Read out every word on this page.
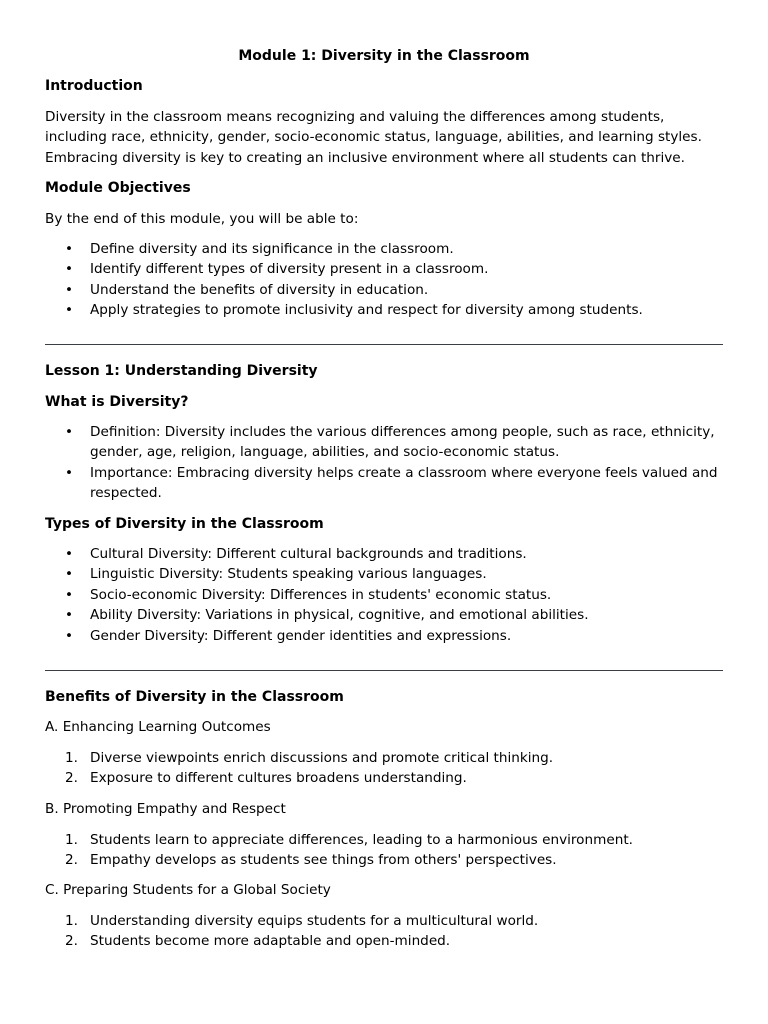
Module 1: Diversity in the Classroom
Introduction

Diversity in the classroom means recognizing and valuing the differences among students, including race, ethnicity, gender, socio-economic status, language, abilities, and learning styles. Embracing diversity is key to creating an inclusive environment where all students can thrive.

Module Objectives

By the end of this module, you will be able to:

• Define diversity and its significance in the classroom.
• Identify different types of diversity present in a classroom.
• Understand the benefits of diversity in education.
• Apply strategies to promote inclusivity and respect for diversity among students.
Lesson 1: Understanding Diversity
What is Diversity?
• Definition: Diversity includes the various differences among people, such as race, ethnicity, gender, age, religion, language, abilities, and socio-economic status.
• Importance: Embracing diversity helps create a classroom where everyone feels valued and respected.
Types of Diversity in the Classroom
• Cultural Diversity: Different cultural backgrounds and traditions.
• Linguistic Diversity: Students speaking various languages.
• Socio-economic Diversity: Differences in students' economic status.
• Ability Diversity: Variations in physical, cognitive, and emotional abilities.
• Gender Diversity: Different gender identities and expressions.
Benefits of Diversity in the Classroom

A. Enhancing Learning Outcomes

1. Diverse viewpoints enrich discussions and promote critical thinking.
2. Exposure to different cultures broadens understanding.

B. Promoting Empathy and Respect

1. Students learn to appreciate differences, leading to a harmonious environment.
2. Empathy develops as students see things from others' perspectives.

C. Preparing Students for a Global Society

1. Understanding diversity equips students for a multicultural world.
2. Students become more adaptable and open-minded.
